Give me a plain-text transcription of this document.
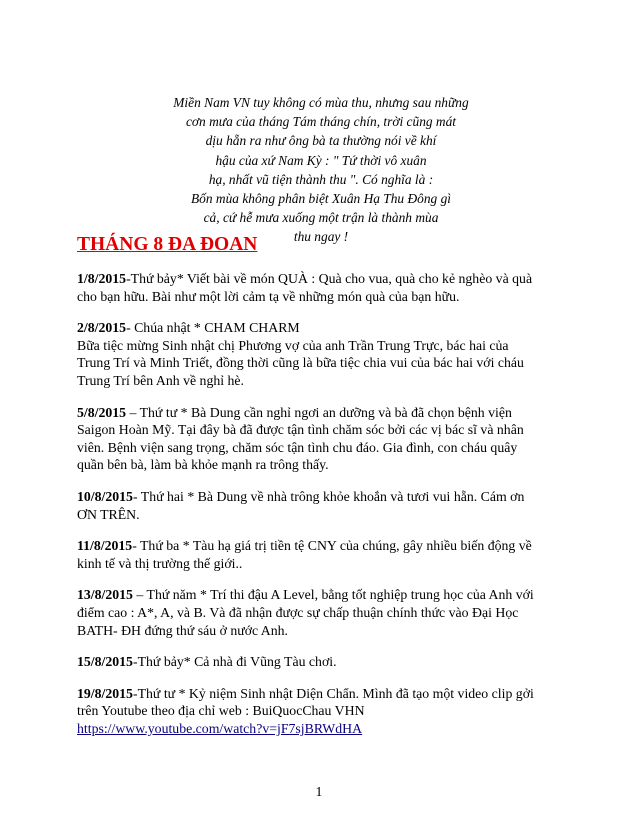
Miền Nam VN tuy không có mùa thu, nhưng sau những
cơn mưa của tháng Tám tháng chín, trời cũng mát
dịu hẵn ra như ông bà ta thường nói về khí
hậu của xứ Nam Kỳ : " Tứ thời vô xuân
hạ, nhất vũ tiện thành thu ". Có nghĩa là :
Bốn mùa không phân biệt Xuân Hạ Thu Đông gì
cả, cứ hễ mưa xuống một trận là thành mùa
thu ngay !
THÁNG 8 ĐA ĐOAN
1/8/2015-Thứ bảy* Viết bài về món QUÀ : Quà cho vua, quà cho kẻ nghèo và quà
cho bạn hữu. Bài như một lời cảm tạ về những món quà của bạn hữu.
2/8/2015- Chúa nhật * CHAM CHARM
Bữa tiệc mừng Sinh nhật chị Phương vợ của anh Trần Trung Trực, bác hai của
Trung Trí và Minh Triết, đồng thời cũng là bữa tiệc chia vui của bác hai với cháu
Trung Trí bên Anh về nghỉ hè.
5/8/2015 – Thứ tư * Bà Dung cần nghỉ ngơi an dưỡng và bà đã chọn bệnh viện
Saigon Hoàn Mỹ. Tại đây bà đã được tận tình chăm sóc bởi các vị bác sĩ và nhân
viên. Bệnh viện sang trọng, chăm sóc tận tình chu đáo. Gia đình, con cháu quây
quần bên bà, làm bà khỏe mạnh ra trông thấy.
10/8/2015- Thứ hai * Bà Dung về nhà trông khỏe khoắn và tươi vui hẵn. Cám ơn
ƠN TRÊN.
11/8/2015- Thứ ba * Tàu hạ giá trị tiền tệ CNY của chúng, gây nhiều biến động về
kinh tế và thị trường thế giới..
13/8/2015 – Thứ năm * Trí thi đậu A Level, bằng tốt nghiệp trung học của Anh với
điểm cao : A*, A, và B. Và đã nhận được sự chấp thuận chính thức vào Đại Học
BATH- ĐH đứng thứ sáu ở nước Anh.
15/8/2015-Thứ bảy* Cả nhà đi Vũng Tàu chơi.
19/8/2015-Thứ tư * Kỷ niệm Sinh nhật Diện Chẩn. Mình đã tạo một video clip gởi
trên Youtube theo địa chỉ web : BuiQuocChau VHN
https://www.youtube.com/watch?v=jF7sjBRWdHA
1
